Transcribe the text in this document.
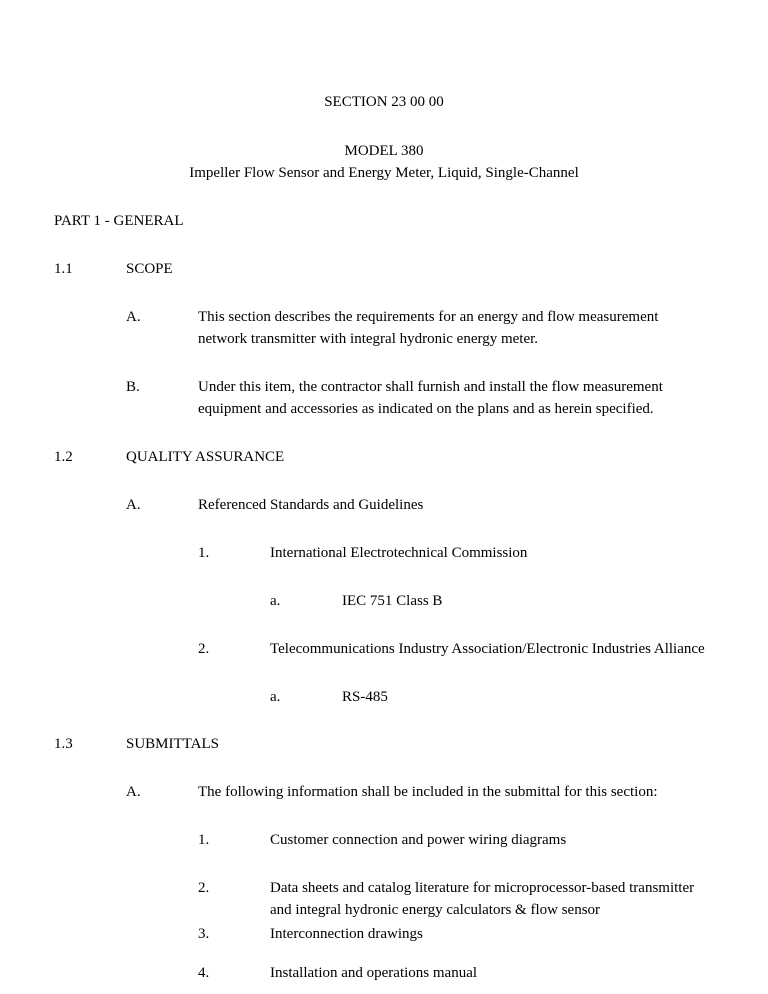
SECTION 23 00 00
MODEL 380
Impeller Flow Sensor and Energy Meter, Liquid, Single-Channel
PART 1 - GENERAL
1.1	SCOPE
A.	This section describes the requirements for an energy and flow measurement network transmitter with integral hydronic energy meter.
B.	Under this item, the contractor shall furnish and install the flow measurement equipment and accessories as indicated on the plans and as herein specified.
1.2	QUALITY ASSURANCE
A.	Referenced Standards and Guidelines
1.	International Electrotechnical Commission
a.	IEC 751 Class B
2.	Telecommunications Industry Association/Electronic Industries Alliance
a.	RS-485
1.3	SUBMITTALS
A.	The following information shall be included in the submittal for this section:
1.	Customer connection and power wiring diagrams
2.	Data sheets and catalog literature for microprocessor-based transmitter and integral hydronic energy calculators & flow sensor
3.	Interconnection drawings
4.	Installation and operations manual
